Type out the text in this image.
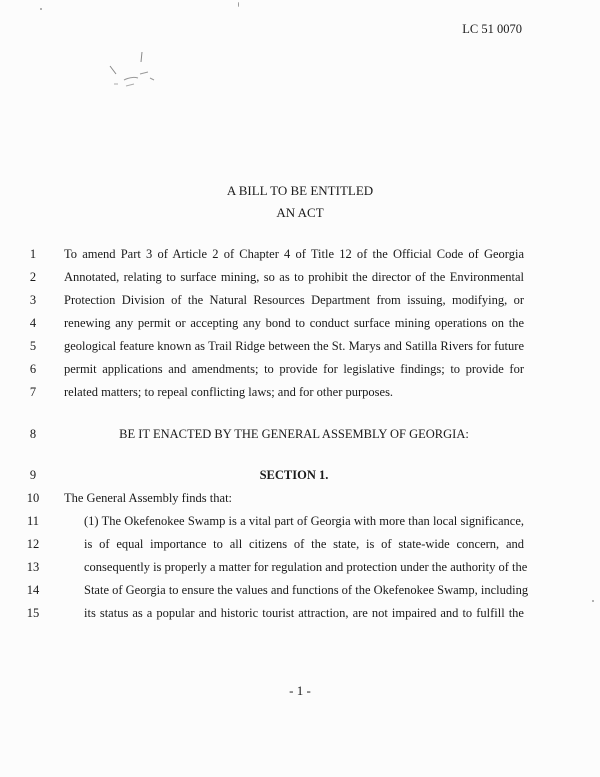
LC 51 0070
A BILL TO BE ENTITLED
AN ACT
1	To amend Part 3 of Article 2 of Chapter 4 of Title 12 of the Official Code of Georgia
2	Annotated, relating to surface mining, so as to prohibit the director of the Environmental
3	Protection Division of the Natural Resources Department from issuing, modifying, or
4	renewing any permit or accepting any bond to conduct surface mining operations on the
5	geological feature known as Trail Ridge between the St. Marys and Satilla Rivers for future
6	permit applications and amendments; to provide for legislative findings; to provide for
7	related matters; to repeal conflicting laws; and for other purposes.
8	BE IT ENACTED BY THE GENERAL ASSEMBLY OF GEORGIA:
9	SECTION 1.
10	The General Assembly finds that:
11	(1) The Okefenokee Swamp is a vital part of Georgia with more than local significance,
12	is of equal importance to all citizens of the state, is of state-wide concern, and
13	consequently is properly a matter for regulation and protection under the authority of the
14	State of Georgia to ensure the values and functions of the Okefenokee Swamp, including
15	its status as a popular and historic tourist attraction, are not impaired and to fulfill the
- 1 -
